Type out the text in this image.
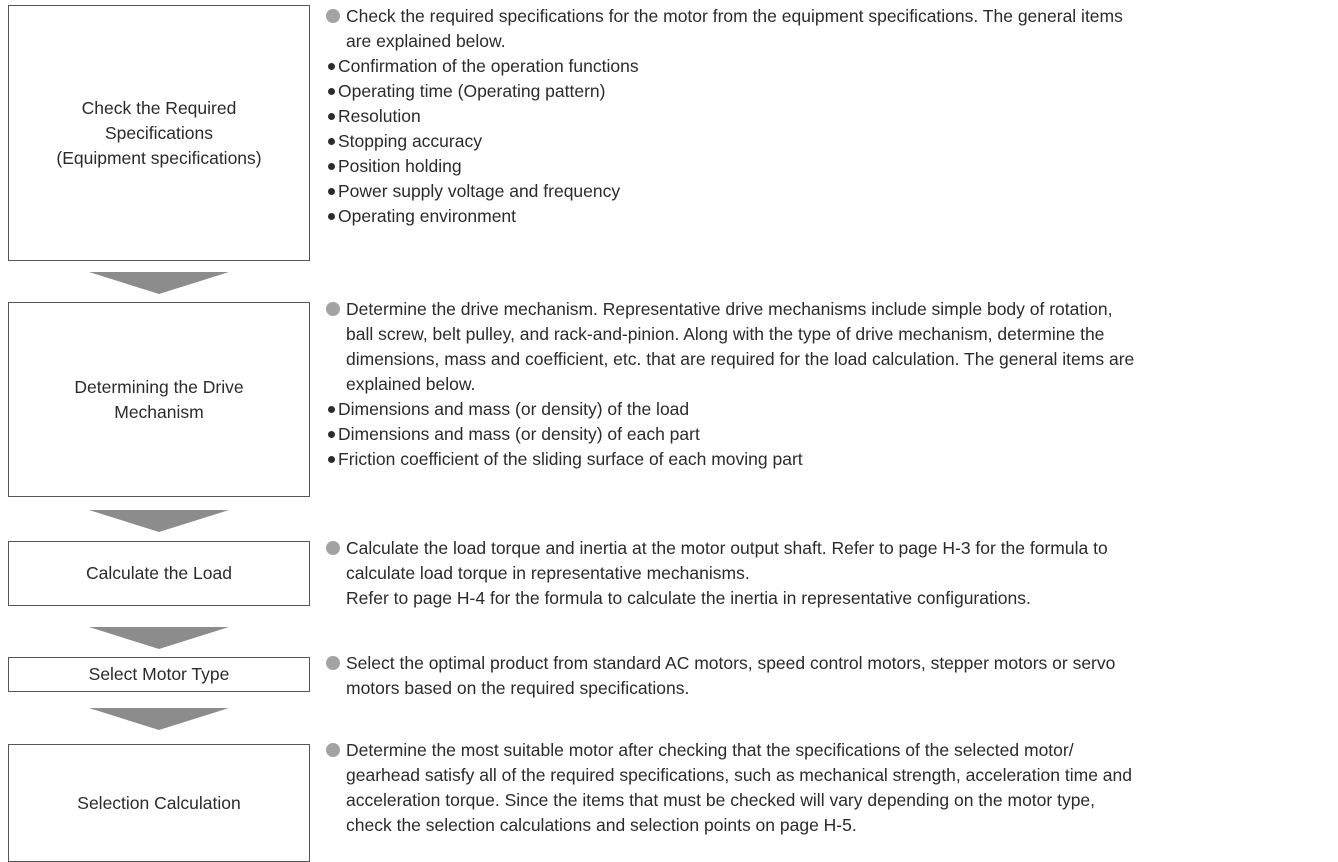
Check the Required
Specifications
(Equipment specifications)
Check the required specifications for the motor from the equipment specifications. The general items
are explained below.
Confirmation of the operation functions
Operating time (Operating pattern)
Resolution
Stopping accuracy
Position holding
Power supply voltage and frequency
Operating environment
Determining the Drive
Mechanism
Determine the drive mechanism. Representative drive mechanisms include simple body of rotation,
ball screw, belt pulley, and rack-and-pinion. Along with the type of drive mechanism, determine the
dimensions, mass and coefficient, etc. that are required for the load calculation. The general items are
explained below.
Dimensions and mass (or density) of the load
Dimensions and mass (or density) of each part
Friction coefficient of the sliding surface of each moving part
Calculate the Load
Calculate the load torque and inertia at the motor output shaft. Refer to page H-3 for the formula to
calculate load torque in representative mechanisms.
Refer to page H-4 for the formula to calculate the inertia in representative configurations.
Select Motor Type
Select the optimal product from standard AC motors, speed control motors, stepper motors or servo
motors based on the required specifications.
Selection Calculation
Determine the most suitable motor after checking that the specifications of the selected motor/
gearhead satisfy all of the required specifications, such as mechanical strength, acceleration time and
acceleration torque. Since the items that must be checked will vary depending on the motor type,
check the selection calculations and selection points on page H-5.
